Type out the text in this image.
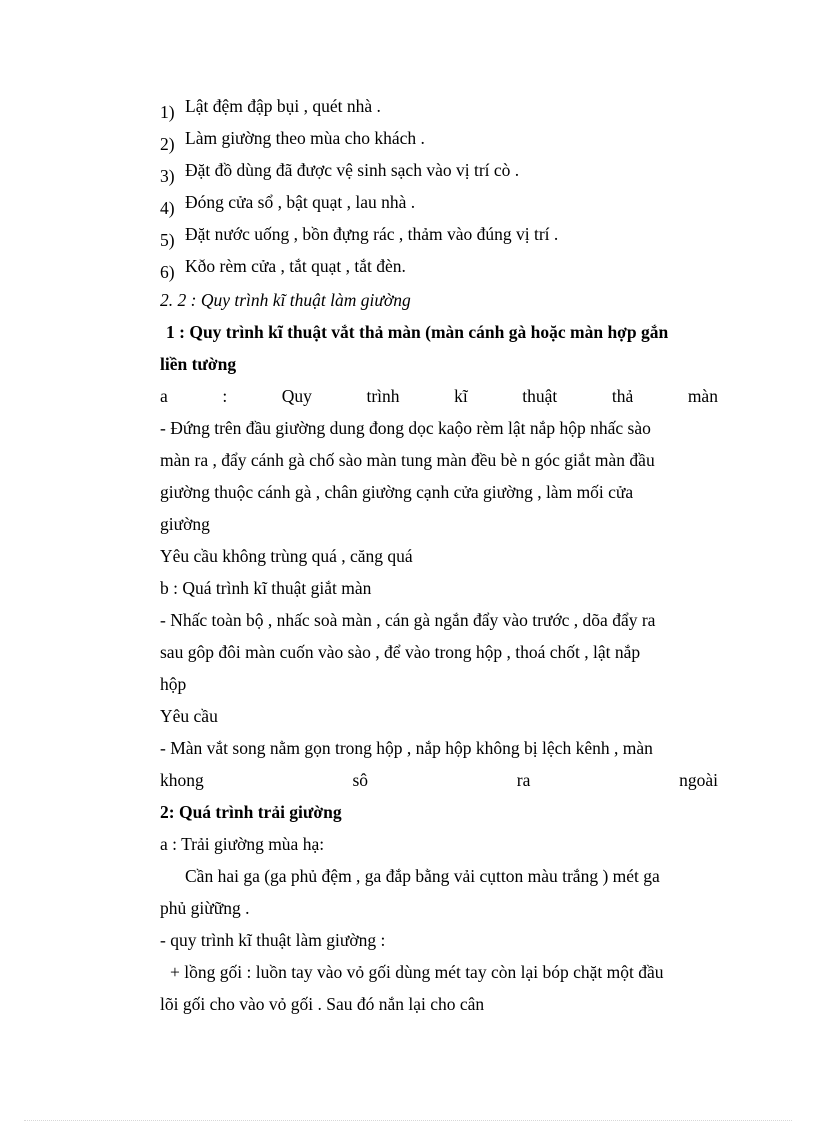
1) Lật đệm đập bụi , quét nhà .
2) Làm giường theo mùa cho khách .
3) Đặt đồ dùng đã được vệ sinh sạch vào vị trí cò .
4) Đóng cửa sổ , bật quạt , lau nhà .
5) Đặt nước uống , bồn đựng rác , thảm vào đúng vị trí .
6) Kðo rèm cửa , tắt quạt , tắt đèn.
2. 2 : Quy trình kĩ thuật làm giường
1 : Quy trình kĩ thuật vắt thả màn (màn cánh gà hoặc màn hợp gắn
liền tường
a	:	Quy	trình	kĩ	thuật	thả	màn
- Đứng trên đầu giường dung đong dọc kaộo rèm lật nắp hộp nhấc sào
màn ra , đẩy cánh gà chố sào màn tung màn đều bè n góc giắt màn đầu
giường thuộc cánh gà , chân giường cạnh cửa giường , làm mối cửa
giường
Yêu cầu không trùng quá , căng quá
b : Quá trình kĩ thuật giắt màn
- Nhấc toàn bộ , nhấc soà màn , cán gà ngắn đẩy vào trước , dõa đẩy ra
sau gôp đôi màn cuốn vào sào , để vào trong hộp , thoá chốt , lật nắp
hộp
Yêu cầu
- Màn vắt song nằm gọn trong hộp , nắp hộp không bị lệch kênh , màn
khong	sô	ra	ngoài
2: Quá trình trải giường
a : Trải giường mùa hạ:
Cần hai ga (ga phủ đệm , ga đắp bằng vải cụtton màu trắng ) mét ga
phủ giừững .
- quy trình kĩ thuật làm giường :
+ lồng gối : luồn tay vào vỏ gối dùng mét tay còn lại bóp chặt một đầu
lõi gối cho vào vỏ gối . Sau đó nắn lại cho cân
